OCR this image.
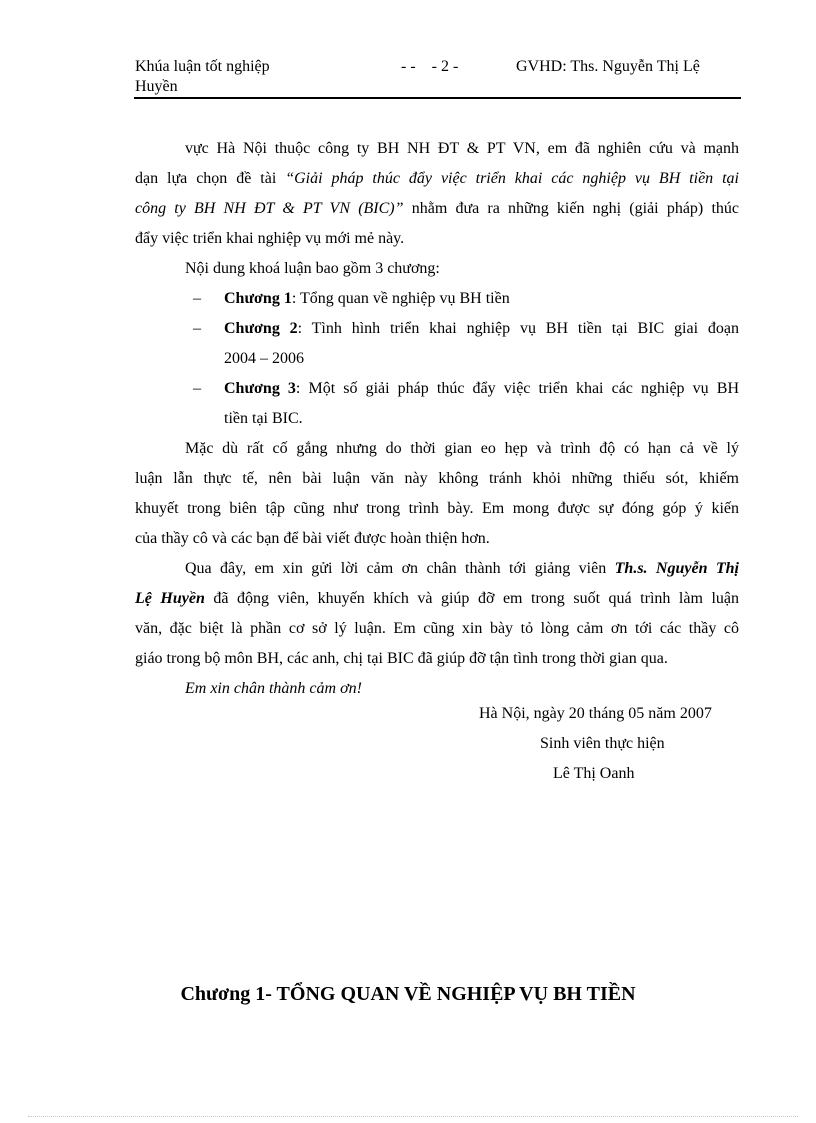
Khúa luận tốt nghiệp	- -    - 2 -	GVHD: Ths. Nguyễn Thị Lệ
Huyền
vực Hà Nội thuộc công ty BH NH ĐT & PT VN, em đã nghiên cứu và mạnh
dạn lựa chọn đề tài “Giải pháp thúc đẩy việc triển khai các nghiệp vụ BH tiền tại
công ty BH NH ĐT & PT VN (BIC)” nhằm đưa ra những kiến nghị (giải pháp) thúc
đẩy việc triển khai nghiệp vụ mới mẻ này.
Nội dung khoá luận bao gồm 3 chương:
– Chương 1: Tổng quan về nghiệp vụ BH tiền
– Chương 2: Tình hình triển khai nghiệp vụ BH tiền tại BIC giai đoạn
2004 – 2006
– Chương 3: Một số giải pháp thúc đẩy việc triển khai các nghiệp vụ BH
tiền tại BIC.
Mặc dù rất cố gắng nhưng do thời gian eo hẹp và trình độ có hạn cả về lý
luận lẫn thực tế, nên bài luận văn này không tránh khỏi những thiếu sót, khiếm
khuyết trong biên tập cũng như trong trình bày. Em mong được sự đóng góp ý kiến
của thầy cô và các bạn để bài viết được hoàn thiện hơn.
Qua đây, em xin gửi lời cảm ơn chân thành tới giảng viên Th.s. Nguyễn Thị
Lệ Huyền đã động viên, khuyến khích và giúp đỡ em trong suốt quá trình làm luận
văn, đặc biệt là phần cơ sở lý luận. Em cũng xin bày tỏ lòng cảm ơn tới các thầy cô
giáo trong bộ môn BH, các anh, chị tại BIC đã giúp đỡ tận tình trong thời gian qua.
Em xin chân thành cảm ơn!
Hà Nội, ngày 20 tháng 05 năm 2007
Sinh viên thực hiện
Lê Thị Oanh
Chương 1- TỔNG QUAN VỀ NGHIỆP VỤ BH TIỀN
